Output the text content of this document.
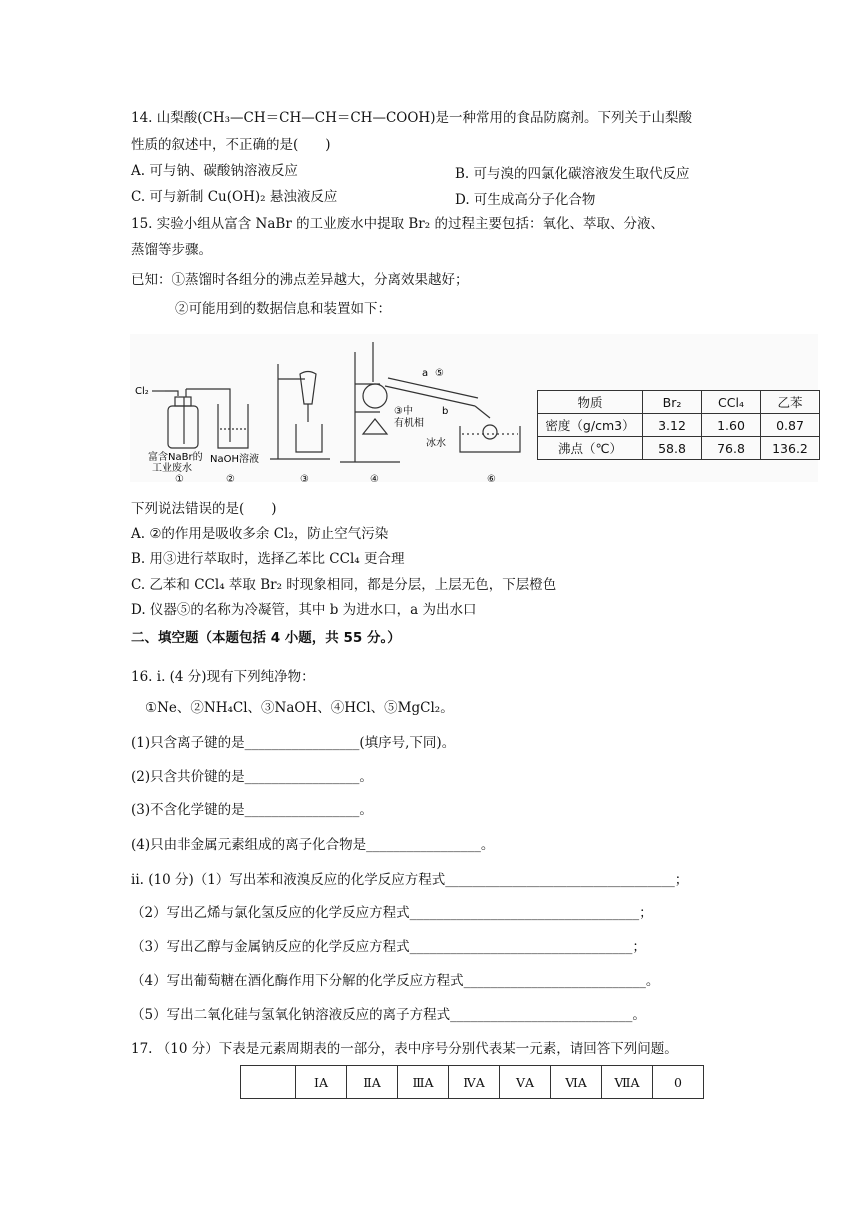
14. 山梨酸(CH₃—CH＝CH—CH＝CH—COOH)是一种常用的食品防腐剂。下列关于山梨酸
性质的叙述中，不正确的是(　　)
A. 可与钠、碳酸钠溶液反应	B. 可与溴的四氯化碳溶液发生取代反应
C. 可与新制 Cu(OH)₂ 悬浊液反应	D. 可生成高分子化合物
15. 实验小组从富含 NaBr 的工业废水中提取 Br₂ 的过程主要包括：氧化、萃取、分液、
蒸馏等步骤。
已知：①蒸馏时各组分的沸点差异越大，分离效果越好；
②可能用到的数据信息和装置如下：
Cl₂
富含NaBr的
工业废水
NaOH溶液
③中
有机相
冰水
a
b
①	②	③	④
⑤
⑥
物质	Br₂	CCl₄	乙苯
密度（g/cm3）	3.12	1.60	0.87
沸点（℃）	58.8	76.8	136.2
下列说法错误的是(　　)
A. ②的作用是吸收多余 Cl₂，防止空气污染
B. 用③进行萃取时，选择乙苯比 CCl₄ 更合理
C. 乙苯和 CCl₄ 萃取 Br₂ 时现象相同，都是分层，上层无色，下层橙色
D. 仪器⑤的名称为冷凝管，其中 b 为进水口，a 为出水口
二、填空题（本题包括 4 小题，共 55 分。）
16. i. (4 分)现有下列纯净物：
①Ne、②NH₄Cl、③NaOH、④HCl、⑤MgCl₂。
(1)只含离子键的是_________________(填序号,下同)。
(2)只含共价键的是_________________。
(3)不含化学键的是_________________。
(4)只由非金属元素组成的离子化合物是_________________。
ii. (10 分)（1）写出苯和液溴反应的化学反应方程式__________________________________；
（2）写出乙烯与氯化氢反应的化学反应方程式__________________________________；
（3）写出乙醇与金属钠反应的化学反应方程式_________________________________；
（4）写出葡萄糖在酒化酶作用下分解的化学反应方程式___________________________。
（5）写出二氧化硅与氢氧化钠溶液反应的离子方程式___________________________。
17. （10 分）下表是元素周期表的一部分，表中序号分别代表某一元素，请回答下列问题。
	ⅠA	ⅡA	ⅢA	ⅣA	ⅤA	ⅥA	ⅦA	0
